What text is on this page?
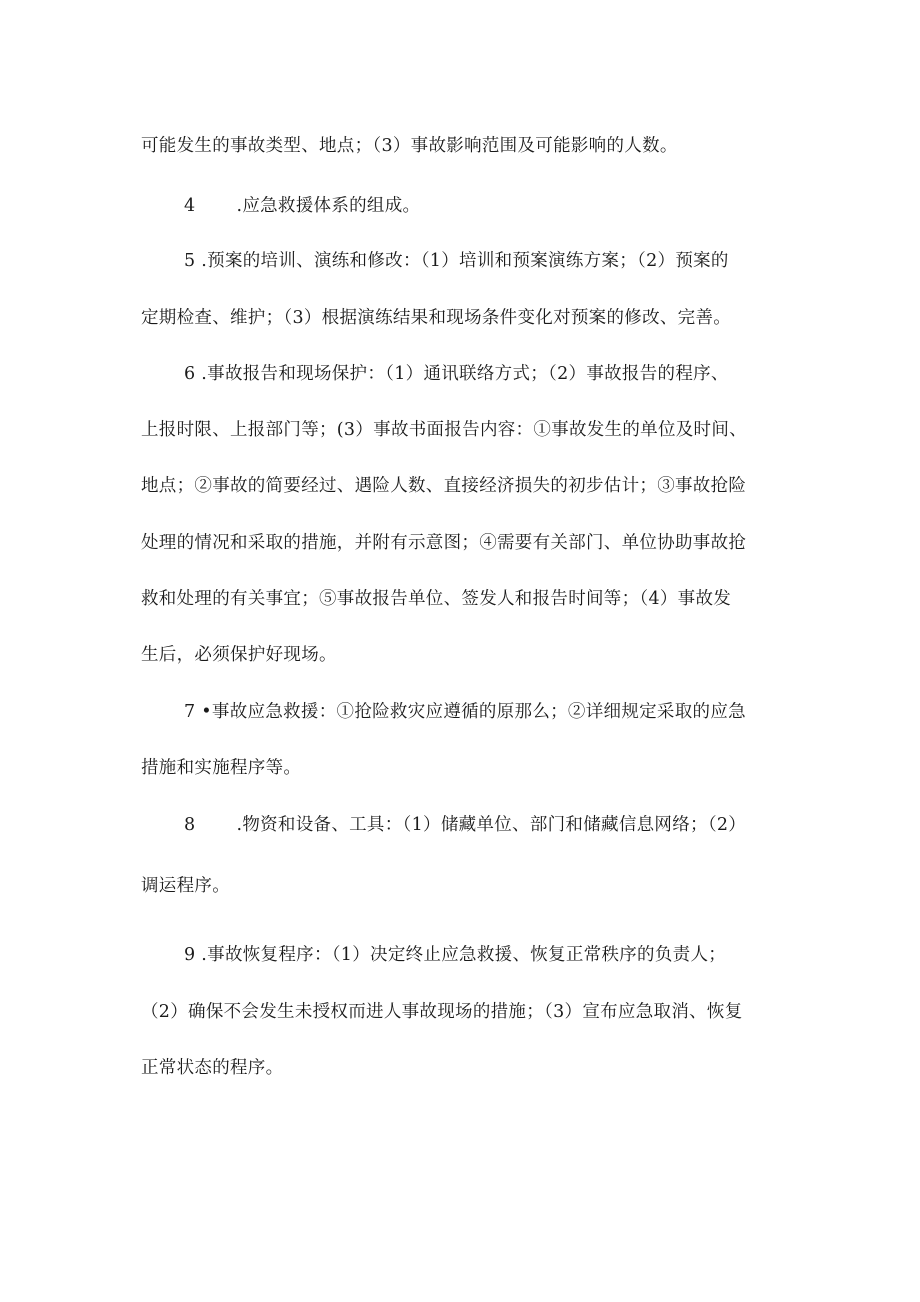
可能发生的事故类型、地点；（3）事故影响范围及可能影响的人数。
4       .应急救援体系的组成。
5 .预案的培训、演练和修改：（1）培训和预案演练方案；（2）预案的
定期检查、维护；（3）根据演练结果和现场条件变化对预案的修改、完善。
6 .事故报告和现场保护：（1）通讯联络方式；（2）事故报告的程序、
上报时限、上报部门等；(3）事故书面报告内容：①事故发生的单位及时间、
地点；②事故的简要经过、遇险人数、直接经济损失的初步估计；③事故抢险
处理的情况和采取的措施，并附有示意图；④需要有关部门、单位协助事故抢
救和处理的有关事宜；⑤事故报告单位、签发人和报告时间等；（4）事故发
生后，必须保护好现场。
7 •事故应急救援：①抢险救灾应遵循的原那么；②详细规定采取的应急
措施和实施程序等。
8       .物资和设备、工具：（1）储藏单位、部门和储藏信息网络；（2）
调运程序。
9 .事故恢复程序：（1）决定终止应急救援、恢复正常秩序的负责人；
（2）确保不会发生未授权而进人事故现场的措施；（3）宣布应急取消、恢复
正常状态的程序。
